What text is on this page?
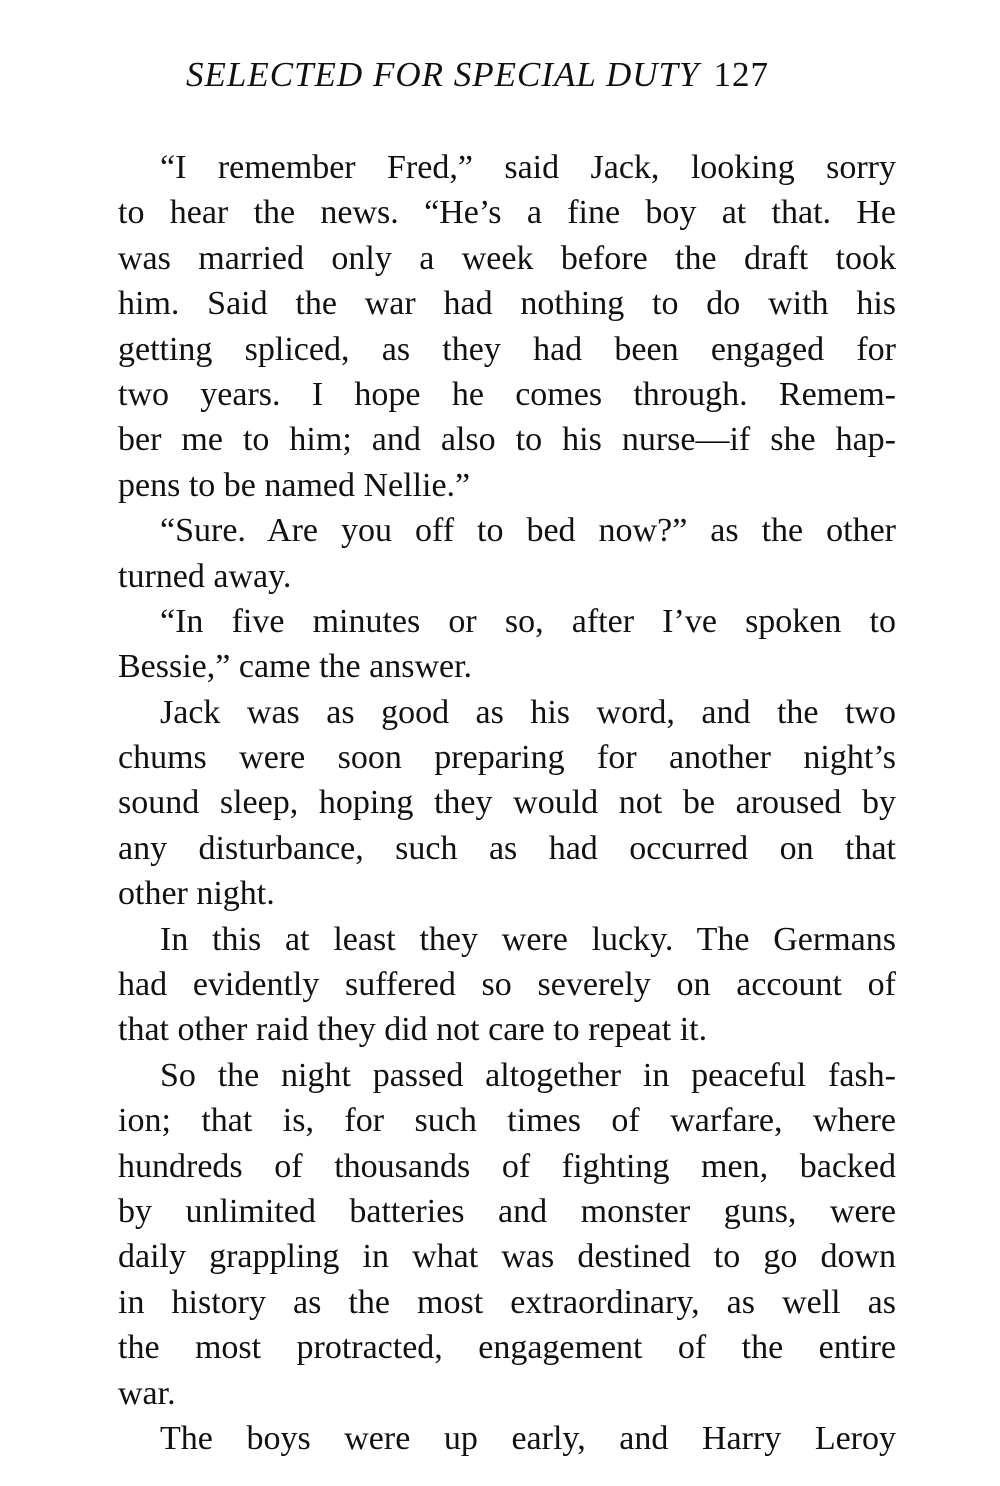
SELECTED FOR SPECIAL DUTY 127
“I remember Fred,” said Jack, looking sorry
to hear the news. “He’s a fine boy at that. He
was married only a week before the draft took
him. Said the war had nothing to do with his
getting spliced, as they had been engaged for
two years. I hope he comes through. Remem-
ber me to him; and also to his nurse—if she hap-
pens to be named Nellie.”
“Sure. Are you off to bed now?” as the other
turned away.
“In five minutes or so, after I’ve spoken to
Bessie,” came the answer.
Jack was as good as his word, and the two
chums were soon preparing for another night’s
sound sleep, hoping they would not be aroused by
any disturbance, such as had occurred on that
other night.
In this at least they were lucky. The Germans
had evidently suffered so severely on account of
that other raid they did not care to repeat it.
So the night passed altogether in peaceful fash-
ion; that is, for such times of warfare, where
hundreds of thousands of fighting men, backed
by unlimited batteries and monster guns, were
daily grappling in what was destined to go down
in history as the most extraordinary, as well as
the most protracted, engagement of the entire
war.
The boys were up early, and Harry Leroy
